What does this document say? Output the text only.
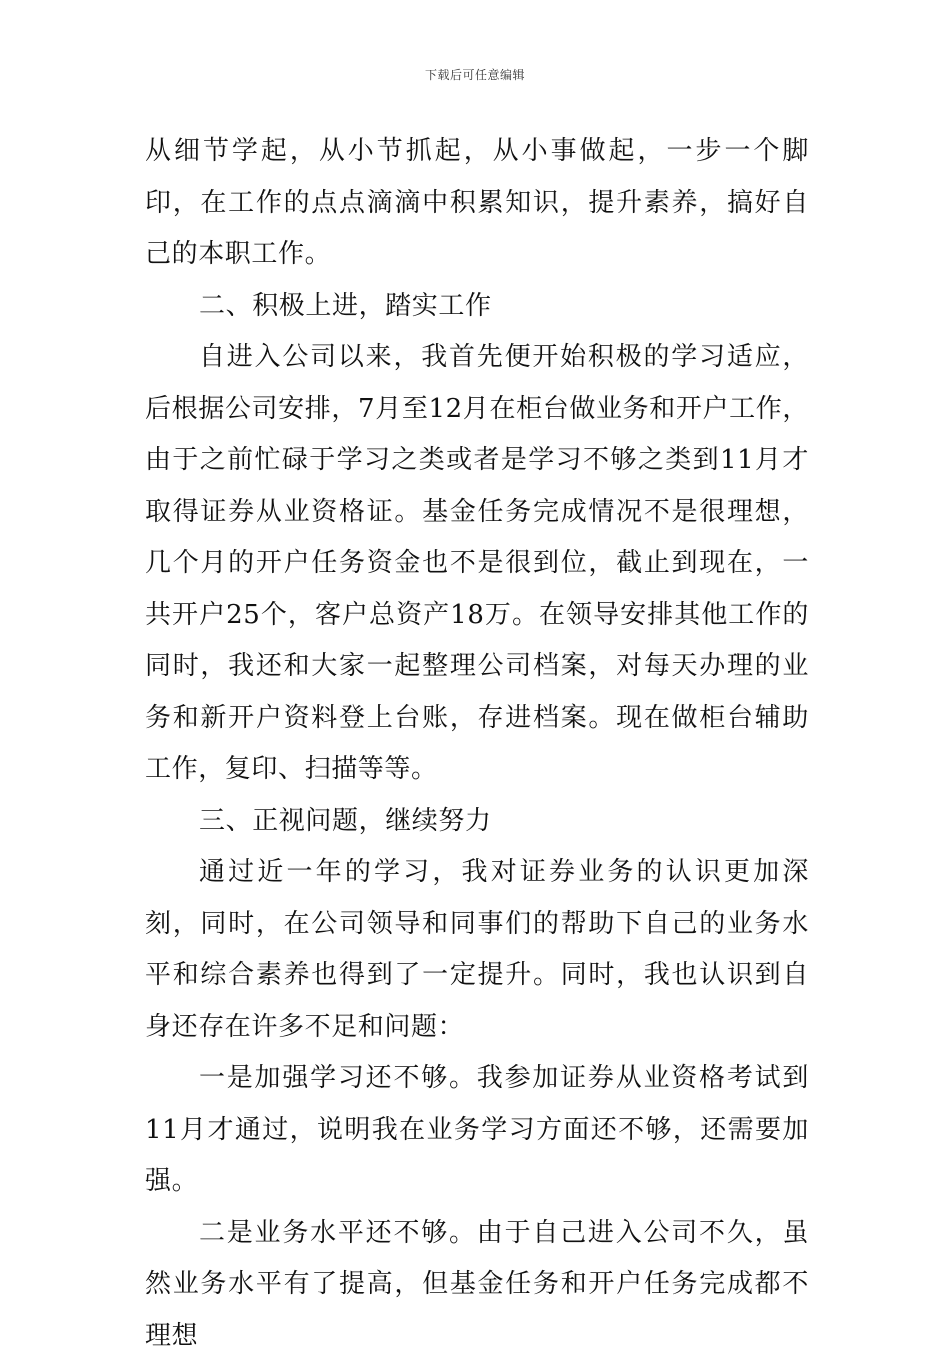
下载后可任意编辑

从细节学起，从小节抓起，从小事做起，一步一个脚印，在工作的点点滴滴中积累知识，提升素养，搞好自己的本职工作。

二、积极上进，踏实工作

自进入公司以来，我首先便开始积极的学习适应，后根据公司安排，7月至12月在柜台做业务和开户工作，由于之前忙碌于学习之类或者是学习不够之类到11月才取得证券从业资格证。基金任务完成情况不是很理想，几个月的开户任务资金也不是很到位，截止到现在，一共开户25个，客户总资产18万。在领导安排其他工作的同时，我还和大家一起整理公司档案，对每天办理的业务和新开户资料登上台账，存进档案。现在做柜台辅助工作，复印、扫描等等。

三、正视问题，继续努力

通过近一年的学习，我对证券业务的认识更加深刻，同时，在公司领导和同事们的帮助下自己的业务水平和综合素养也得到了一定提升。同时，我也认识到自身还存在许多不足和问题：

一是加强学习还不够。我参加证券从业资格考试到11月才通过，说明我在业务学习方面还不够，还需要加强。

二是业务水平还不够。由于自己进入公司不久，虽然业务水平有了提高，但基金任务和开户任务完成都不理想
